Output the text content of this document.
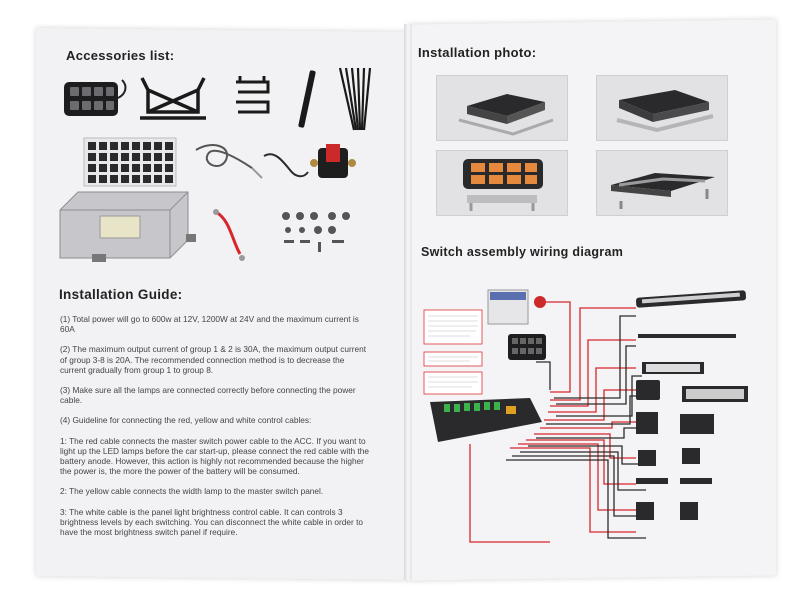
Accessories list:
Installation Guide:

(1) Total power will go to 600w at 12V, 1200W at 24V and the maximum current is 60A

(2) The maximum output current of group 1 & 2 is 30A, the maximum output current of group 3-8 is 20A. The recommended connection method is to decrease the current gradually from group 1 to group 8.

(3) Make sure all the lamps are connected correctly before connecting the power cable.

(4) Guideline for connecting the red, yellow and white control cables:

1: The red cable connects the master switch power cable to the ACC. If you want to light up the LED lamps before the car start-up, please connect the red cable with the battery anode. However, this action is highly not recommended because the higher the power is, the more the power of the battery will be consumed.

2: The yellow cable connects the width lamp to the master switch panel.

3: The white cable is the panel light brightness control cable. It can controls 3 brightness levels by each switching. You can disconnect the white cable in order to have the most brightness switch panel if require.

Installation photo:
Switch assembly wiring diagram
